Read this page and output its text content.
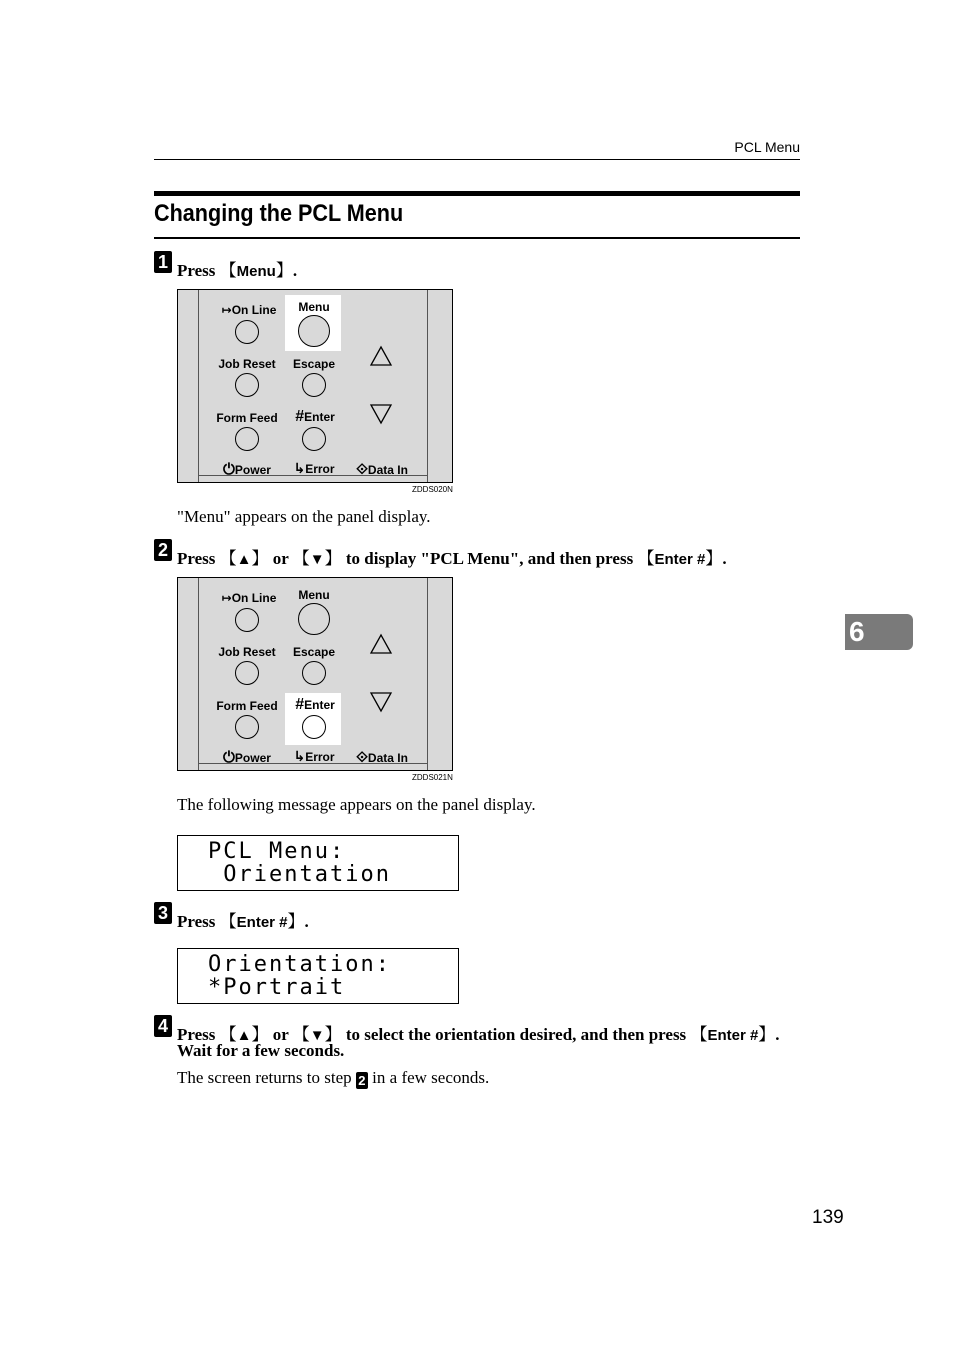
PCL Menu
Changing the PCL Menu
1 Press 【Menu】.
↦On Line Menu
Job Reset Escape
Form Feed #Enter
⏻Power ↳Error ⟐Data In
ZDDS020N
"Menu" appears on the panel display.
2 Press 【▲】 or 【▼】 to display "PCL Menu", and then press 【Enter #】.
↦On Line Menu
Job Reset Escape
Form Feed #Enter
⏻Power ↳Error ⟐Data In
ZDDS021N
The following message appears on the panel display.
PCL Menu:
Orientation
3 Press 【Enter #】.
Orientation:
*Portrait
4 Press 【▲】 or 【▼】 to select the orientation desired, and then press 【Enter #】.
Wait for a few seconds.
The screen returns to step 2 in a few seconds.
6
139
